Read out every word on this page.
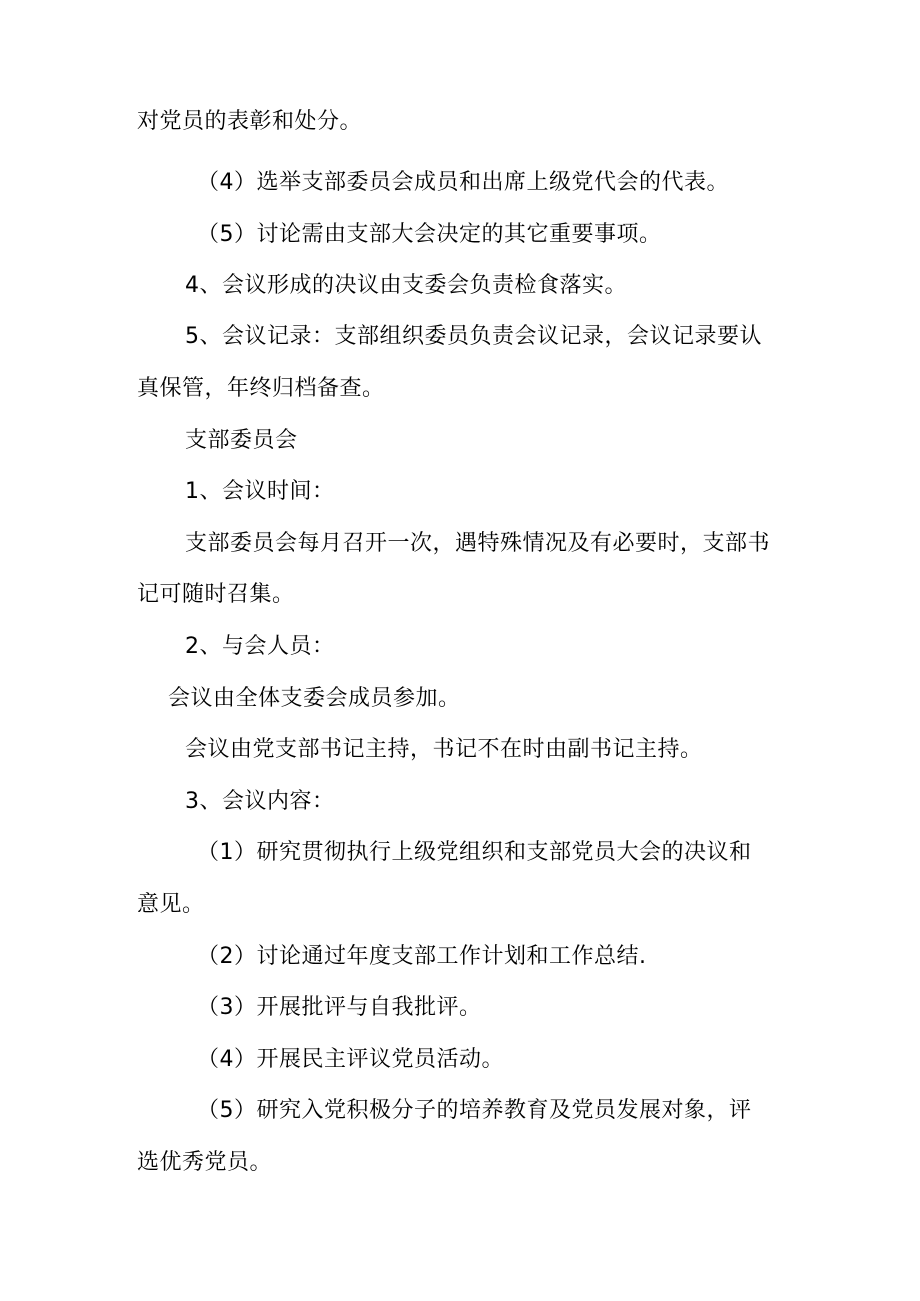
对党员的表彰和处分。
（4）选举支部委员会成员和出席上级党代会的代表。
（5）讨论需由支部大会决定的其它重要事项。
4、会议形成的决议由支委会负责检食落实。
5、会议记录：支部组织委员负责会议记录，会议记录要认
真保管，年终归档备查。
支部委员会
1、会议时间：
支部委员会每月召开一次，遇特殊情况及有必要时，支部书
记可随时召集。
2、与会人员：
会议由全体支委会成员参加。
会议由党支部书记主持，书记不在时由副书记主持。
3、会议内容：
（1）研究贯彻执行上级党组织和支部党员大会的决议和
意见。
（2）讨论通过年度支部工作计划和工作总结.
（3）开展批评与自我批评。
（4）开展民主评议党员活动。
（5）研究入党积极分子的培养教育及党员发展对象，评
选优秀党员。
